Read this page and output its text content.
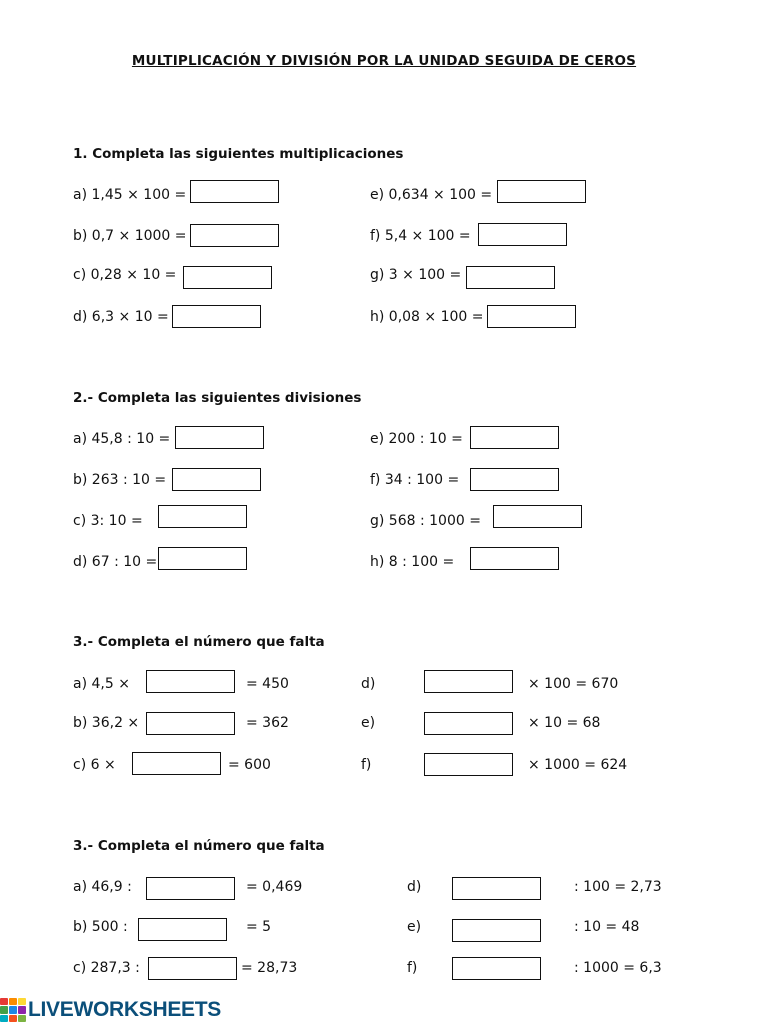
MULTIPLICACIÓN Y DIVISIÓN POR LA UNIDAD SEGUIDA DE CEROS
1. Completa las siguientes multiplicaciones
a) 1,45 × 100 =	e) 0,634 × 100 =
b) 0,7 × 1000 =	f) 5,4 × 100 =
c) 0,28 × 10 =	g) 3 × 100 =
d) 6,3 × 10 =	h) 0,08 × 100 =
2.- Completa las siguientes divisiones
a) 45,8 : 10 =	e) 200 : 10 =
b) 263 : 10 =	f) 34 : 100 =
c) 3: 10 =	g) 568 : 1000 =
d) 67 : 10 =	h) 8 : 100 =
3.- Completa el número que falta
a) 4,5 ×	= 450	d)	× 100 = 670
b) 36,2 ×	= 362	e)	× 10 = 68
c) 6 ×	= 600	f)	× 1000 = 624
3.- Completa el número que falta
a) 46,9 :	= 0,469	d)	: 100 = 2,73
b) 500 :	= 5	e)	: 10 = 48
c) 287,3 :	= 28,73	f)	: 1000 = 6,3
LIVEWORKSHEETS
